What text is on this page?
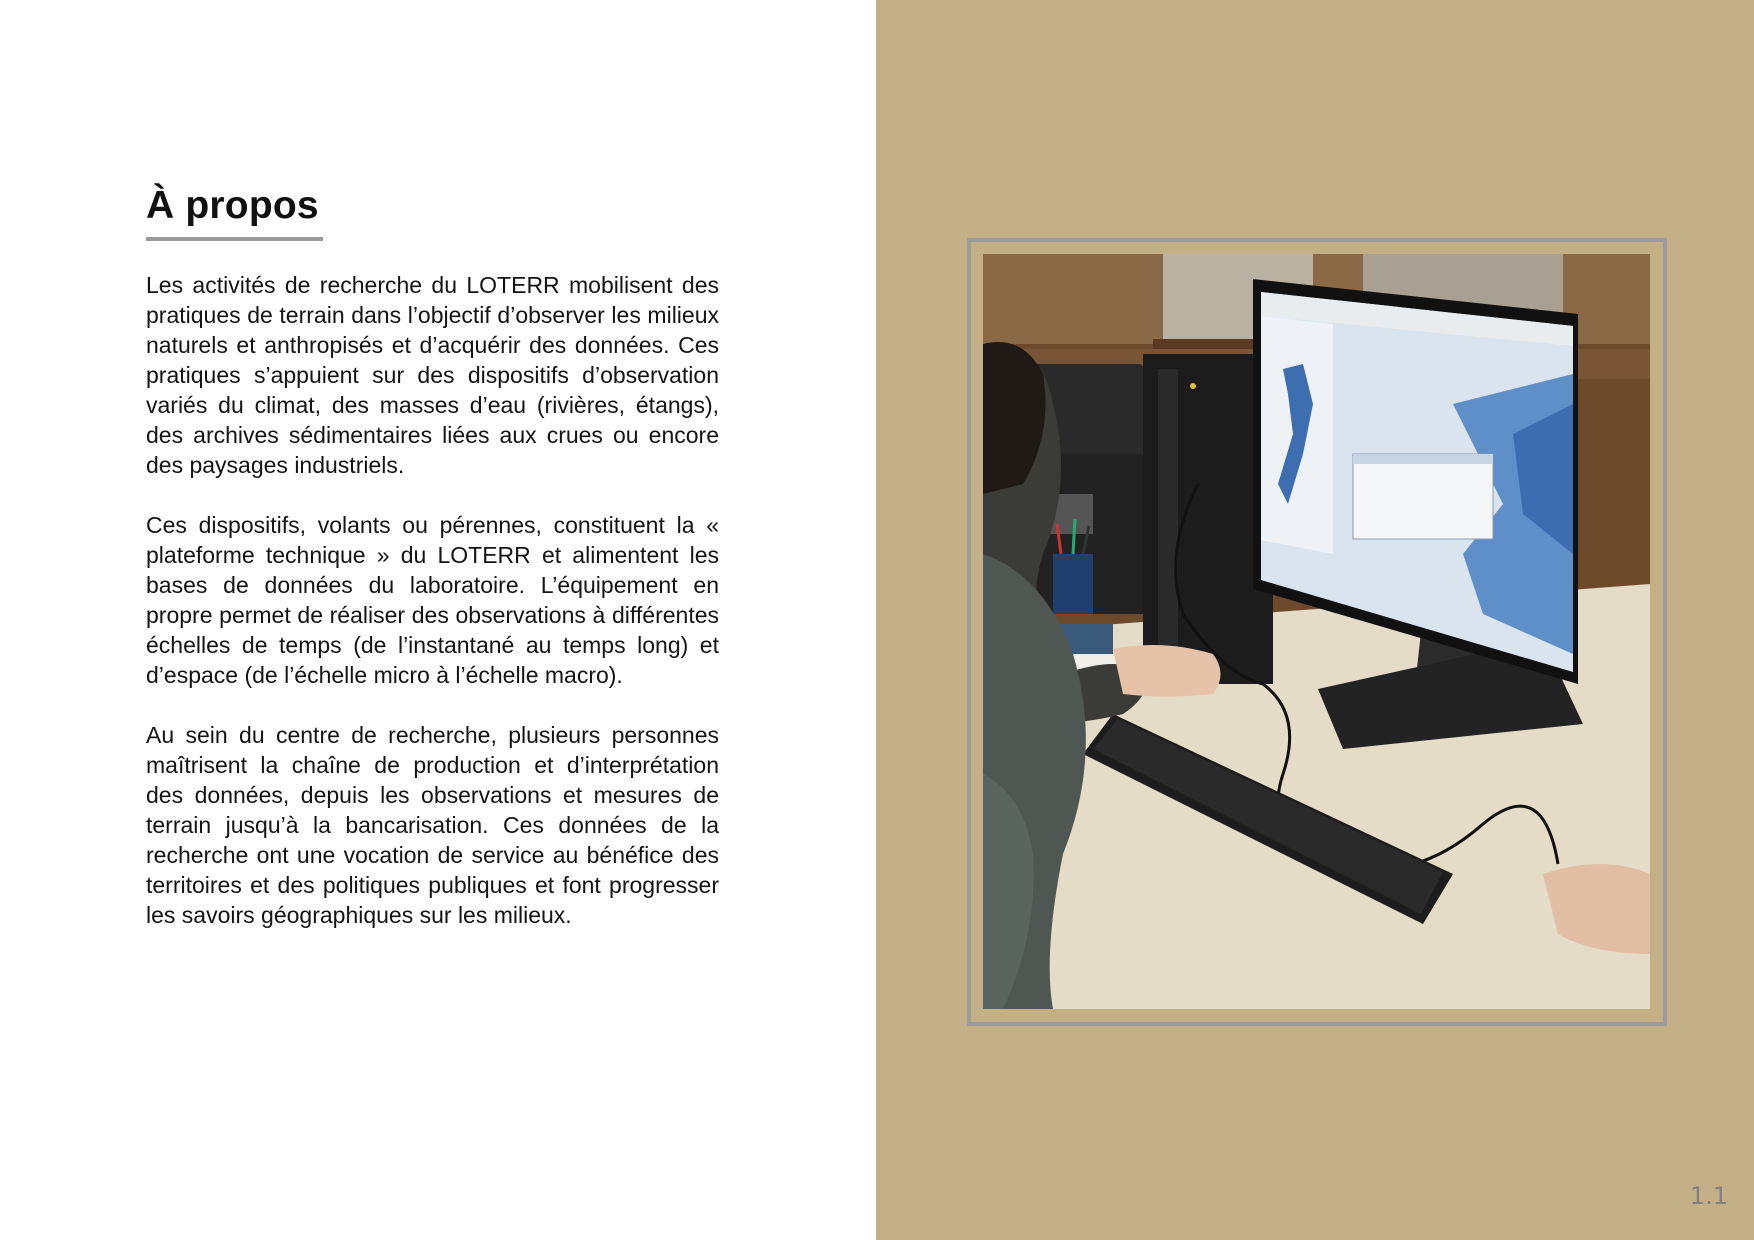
À propos

Les activités de recherche du LOTERR mobilisent des pratiques de terrain dans l’objectif d’observer les milieux naturels et anthropisés et d’acquérir des données. Ces pratiques s’appuient sur des dispositifs d’observation variés du climat, des masses d’eau (rivières, étangs), des archives sédimentaires liées aux crues ou encore des paysages industriels.

Ces dispositifs, volants ou pérennes, constituent la « plateforme technique » du LOTERR et alimentent les bases de données du laboratoire. L’équipement en propre permet de réaliser des observations à différentes échelles de temps (de l’instantané au temps long) et d’espace (de l’échelle micro à l’échelle macro).

Au sein du centre de recherche, plusieurs personnes maîtrisent la chaîne de production et d’interprétation des données, depuis les observations et mesures de terrain jusqu’à la bancarisation. Ces données de la recherche ont une vocation de service au bénéfice des territoires et des politiques publiques et font progresser les savoirs géographiques sur les milieux.

1.1
